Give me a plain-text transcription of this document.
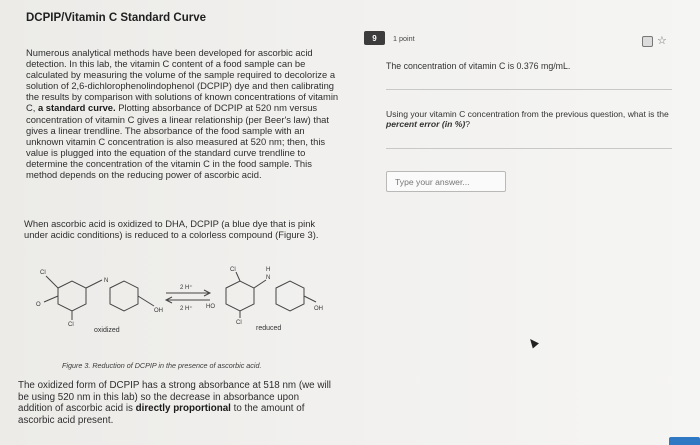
DCPIP/Vitamin C Standard Curve

Numerous analytical methods have been developed for ascorbic acid detection. In this lab, the vitamin C content of a food sample can be calculated by measuring the volume of the sample required to decolorize a solution of 2,6-dichlorophenolindophenol (DCPIP) dye and then calibrating the results by comparison with solutions of known concentrations of vitamin C, a standard curve. Plotting absorbance of DCPIP at 520 nm versus concentration of vitamin C gives a linear relationship (per Beer's law) that gives a linear trendline. The absorbance of the food sample with an unknown vitamin C concentration is also measured at 520 nm; then, this value is plugged into the equation of the standard curve trendline to determine the concentration of the vitamin C in the food sample. This method depends on the reducing power of ascorbic acid.

When ascorbic acid is oxidized to DHA, DCPIP (a blue dye that is pink under acidic conditions) is reduced to a colorless compound (Figure 3).

Cl
O
Cl
N
OH
HO
Cl
Cl
H
N
OH
2 H⁺
2 H⁺
oxidized	reduced
Figure 3. Reduction of DCPIP in the presence of ascorbic acid.

The oxidized form of DCPIP has a strong absorbance at 518 nm (we will be using 520 nm in this lab) so the decrease in absorbance upon addition of ascorbic acid is directly proportional to the amount of ascorbic acid present.

9	1 point	☆
The concentration of vitamin C is 0.376 mg/mL.
Using your vitamin C concentration from the previous question, what is the percent error (in %)?
Type your answer...
